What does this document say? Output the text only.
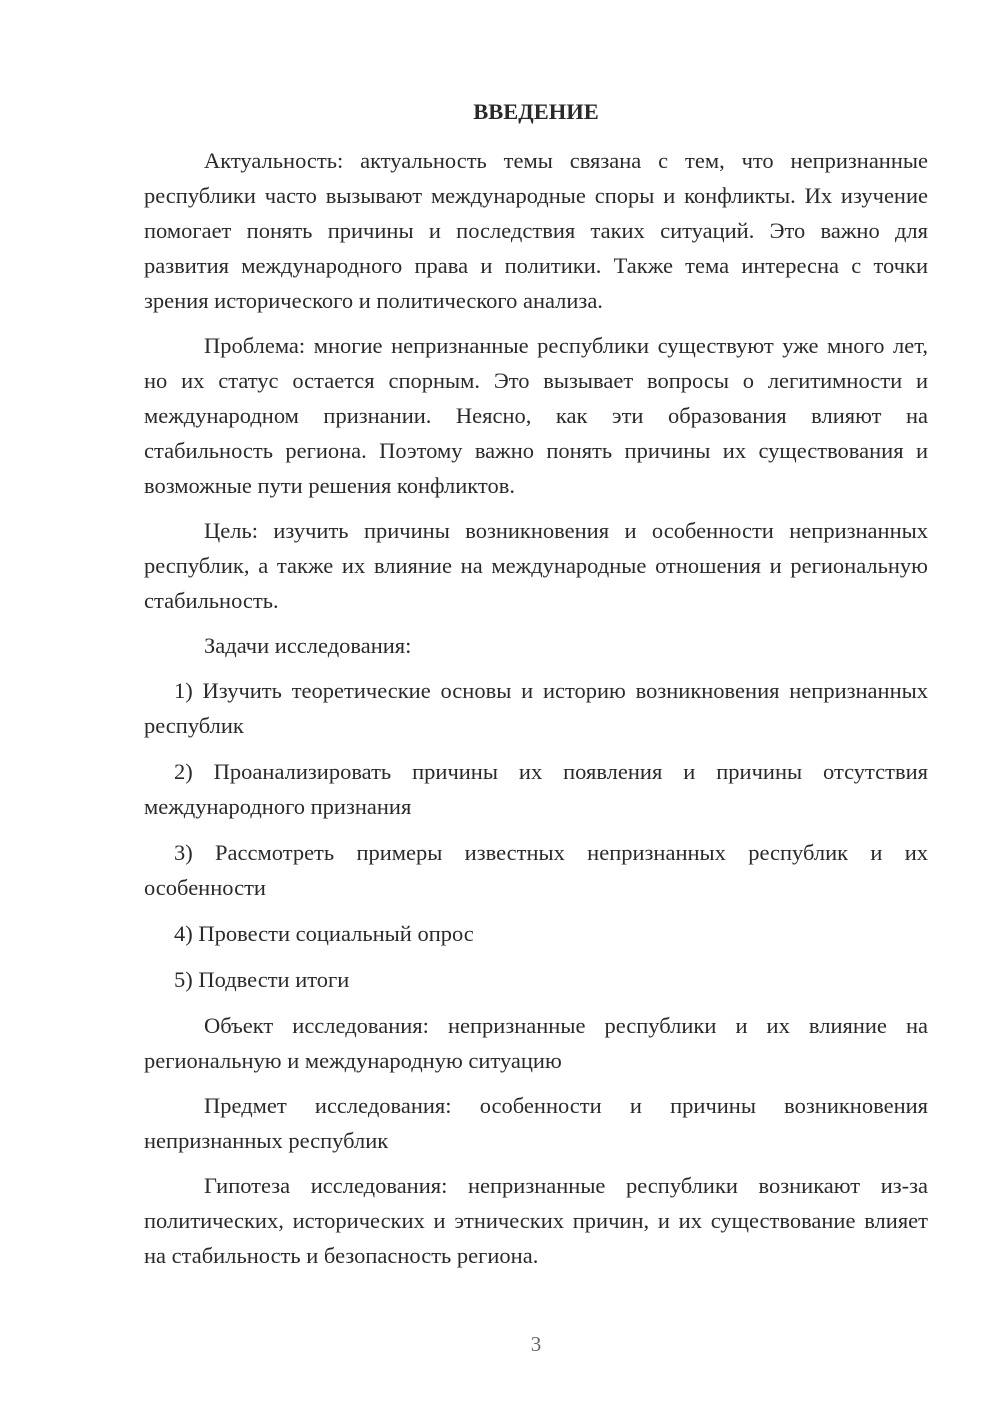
ВВЕДЕНИЕ

Актуальность: актуальность темы связана с тем, что непризнанные республики часто вызывают международные споры и конфликты. Их изучение помогает понять причины и последствия таких ситуаций. Это важно для развития международного права и политики. Также тема интересна с точки зрения исторического и политического анализа.

Проблема: многие непризнанные республики существуют уже много лет, но их статус остается спорным. Это вызывает вопросы о легитимности и международном признании. Неясно, как эти образования влияют на стабильность региона. Поэтому важно понять причины их существования и возможные пути решения конфликтов.

Цель: изучить причины возникновения и особенности непризнанных республик, а также их влияние на международные отношения и региональную стабильность.

Задачи исследования:

1) Изучить теоретические основы и историю возникновения непризнанных республик

2) Проанализировать причины их появления и причины отсутствия международного признания

3) Рассмотреть примеры известных непризнанных республик и их особенности

4) Провести социальный опрос

5) Подвести итоги

Объект исследования: непризнанные республики и их влияние на региональную и международную ситуацию

Предмет исследования: особенности и причины возникновения непризнанных республик

Гипотеза исследования: непризнанные республики возникают из-за политических, исторических и этнических причин, и их существование влияет на стабильность и безопасность региона.

3
